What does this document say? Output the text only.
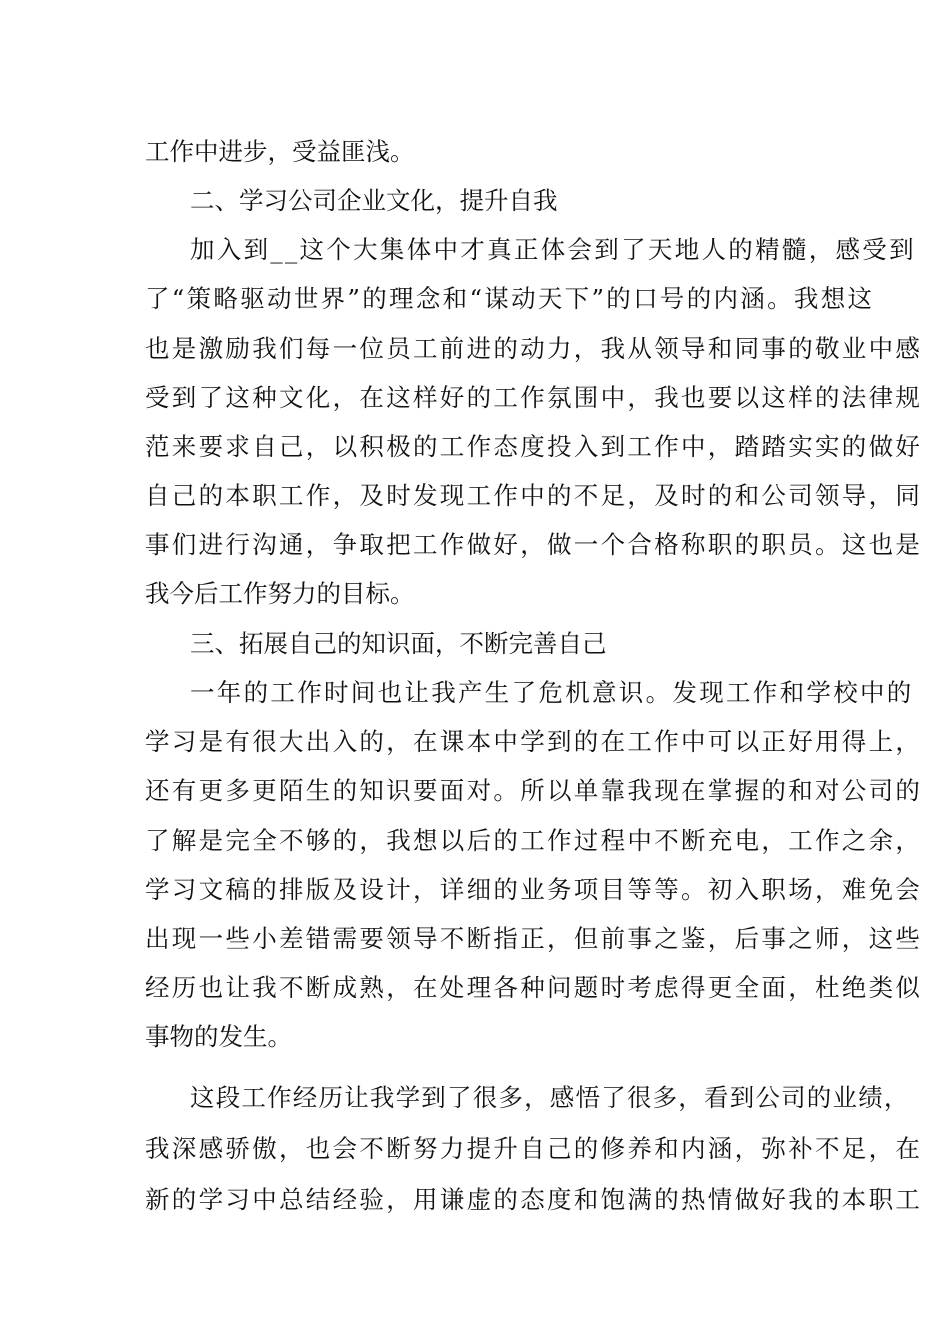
工作中进步，受益匪浅。
二、学习公司企业文化，提升自我
加入到__这个大集体中才真正体会到了天地人的精髓，感受到
了“策略驱动世界”的理念和“谋动天下”的口号的内涵。我想这
也是激励我们每一位员工前进的动力，我从领导和同事的敬业中感
受到了这种文化，在这样好的工作氛围中，我也要以这样的法律规
范来要求自己，以积极的工作态度投入到工作中，踏踏实实的做好
自己的本职工作，及时发现工作中的不足，及时的和公司领导，同
事们进行沟通，争取把工作做好，做一个合格称职的职员。这也是
我今后工作努力的目标。
三、拓展自己的知识面，不断完善自己
一年的工作时间也让我产生了危机意识。发现工作和学校中的
学习是有很大出入的，在课本中学到的在工作中可以正好用得上，
还有更多更陌生的知识要面对。所以单靠我现在掌握的和对公司的
了解是完全不够的，我想以后的工作过程中不断充电，工作之余，
学习文稿的排版及设计，详细的业务项目等等。初入职场，难免会
出现一些小差错需要领导不断指正，但前事之鉴，后事之师，这些
经历也让我不断成熟，在处理各种问题时考虑得更全面，杜绝类似
事物的发生。
这段工作经历让我学到了很多，感悟了很多，看到公司的业绩，
我深感骄傲，也会不断努力提升自己的修养和内涵，弥补不足，在
新的学习中总结经验，用谦虚的态度和饱满的热情做好我的本职工
